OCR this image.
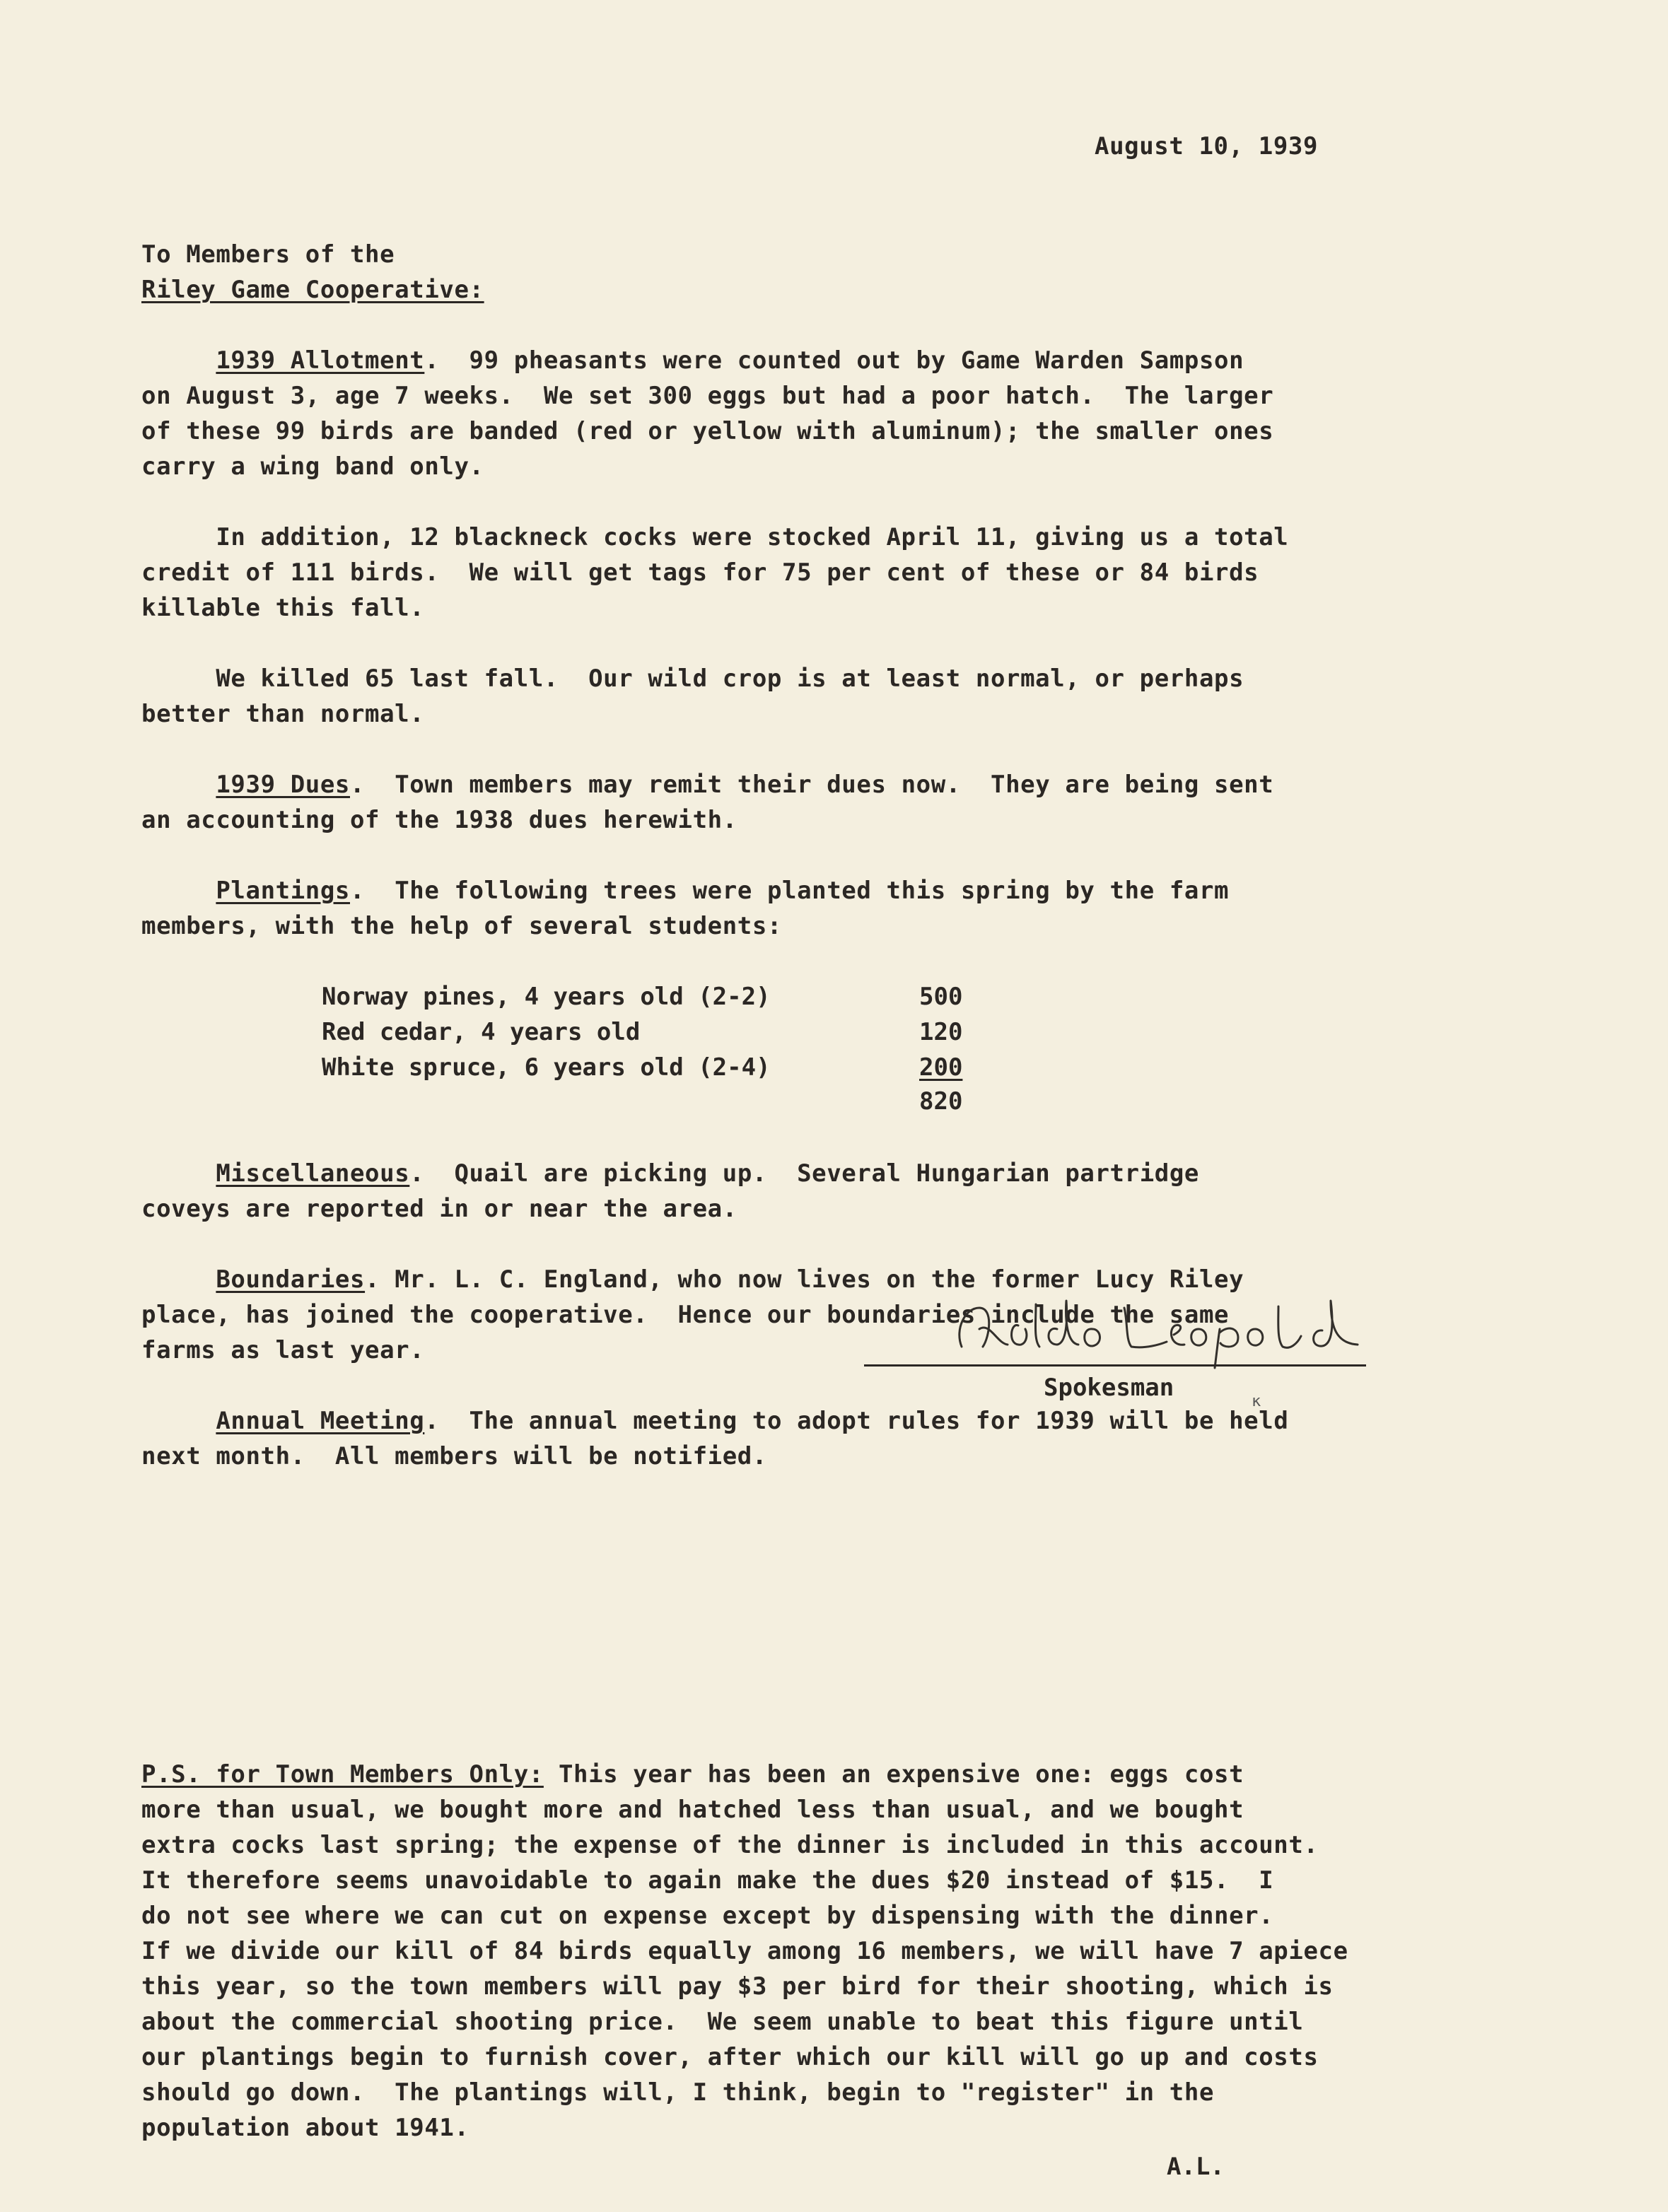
August 10, 1939
To Members of the
Riley Game Cooperative:
1939 Allotment.  99 pheasants were counted out by Game Warden Sampson
on August 3, age 7 weeks.  We set 300 eggs but had a poor hatch.  The larger
of these 99 birds are banded (red or yellow with aluminum); the smaller ones
carry a wing band only.
In addition, 12 blackneck cocks were stocked April 11, giving us a total
credit of 111 birds.  We will get tags for 75 per cent of these or 84 birds
killable this fall.
We killed 65 last fall.  Our wild crop is at least normal, or perhaps
better than normal.
1939 Dues.  Town members may remit their dues now.  They are being sent
an accounting of the 1938 dues herewith.
Plantings.  The following trees were planted this spring by the farm
members, with the help of several students:
Norway pines, 4 years old (2-2)	500
Red cedar, 4 years old	120
White spruce, 6 years old (2-4)	200
820
Miscellaneous.  Quail are picking up.  Several Hungarian partridge
coveys are reported in or near the area.
Boundaries. Mr. L. C. England, who now lives on the former Lucy Riley
place, has joined the cooperative.  Hence our boundaries include the same
farms as last year.
Annual Meeting.  The annual meeting to adopt rules for 1939 will be held
next month.  All members will be notified.
Spokesman	ĸ
P.S. for Town Members Only: This year has been an expensive one: eggs cost
more than usual, we bought more and hatched less than usual, and we bought
extra cocks last spring; the expense of the dinner is included in this account.
It therefore seems unavoidable to again make the dues $20 instead of $15.  I
do not see where we can cut on expense except by dispensing with the dinner.
If we divide our kill of 84 birds equally among 16 members, we will have 7 apiece
this year, so the town members will pay $3 per bird for their shooting, which is
about the commercial shooting price.  We seem unable to beat this figure until
our plantings begin to furnish cover, after which our kill will go up and costs
should go down.  The plantings will, I think, begin to "register" in the
population about 1941.
A.L.
